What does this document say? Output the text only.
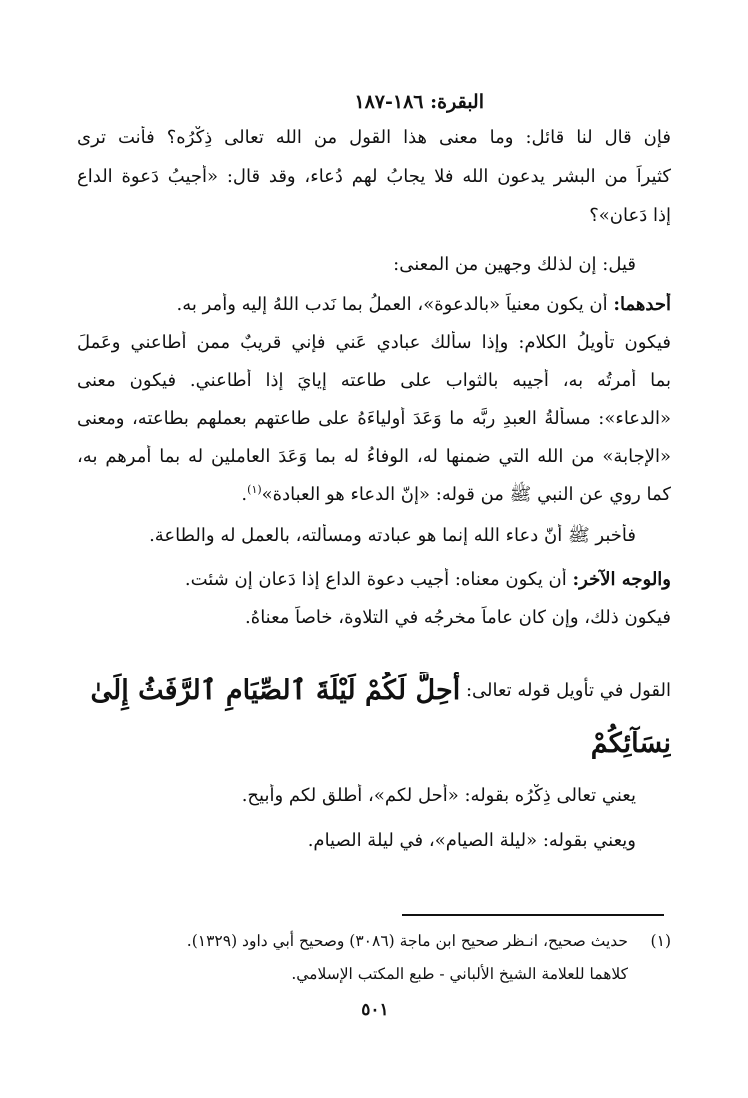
البقرة: ١٨٦-١٨٧
فإن قال لنا قائل: وما معنى هذا القول من الله تعالى ذِكْرُه؟ فأنت ترى
كثيراً من البشر يدعون الله فلا يجابُ لهم دُعاء، وقد قال: «أجيبُ دَعوة الداع
إذا دَعان»؟
قيل: إن لذلك وجهين من المعنى:
أحدهما: أن يكون معنياً «بالدعوة»، العملُ بما نَدب اللهُ إليه وأمر به.
فيكون تأويلُ الكلام: وإذا سألك عبادي عَني فإني قريبٌ ممن أطاعني وعَملَ
بما أمرتُه به، أجيبه بالثواب على طاعته إيايَ إذا أطاعني. فيكون معنى
«الدعاء»: مسألةُ العبدِ ربَّه ما وَعَدَ أولياءَهُ على طاعتهم بعملهم بطاعته، ومعنى
«الإجابة» من الله التي ضمنها له، الوفاءُ له بما وَعَدَ العاملين له بما أمرهم به،
كما روي عن النبي ﷺ من قوله: «إنّ الدعاء هو العبادة»$^{(١)}$.
فأخبر ﷺ أنّ دعاء الله إنما هو عبادته ومسألته، بالعمل له والطاعة.
والوجه الآخر: أن يكون معناه: أجيب دعوة الداع إذا دَعان إن شئت.
فيكون ذلك، وإن كان عاماً مخرجُه في التلاوة، خاصاً معناهُ.
القول في تأويل قوله تعالى: أُحِلَّ لَكُمْ لَيْلَةَ ٱلصِّيَامِ ٱلرَّفَثُ إِلَىٰ
نِسَآئِكُمْ
يعني تعالى ذِكْرُه بقوله: «أحل لكم»، أطلق لكم وأبيح.
ويعني بقوله: «ليلة الصيام»، في ليلة الصيام.
(١)
حديث صحيح، انـظر صحيح ابن ماجة (٣٠٨٦) وصحيح أبي داود (١٣٢٩).
كلاهما للعلامة الشيخ الألباني - طبع المكتب الإسلامي.
٥٠١
